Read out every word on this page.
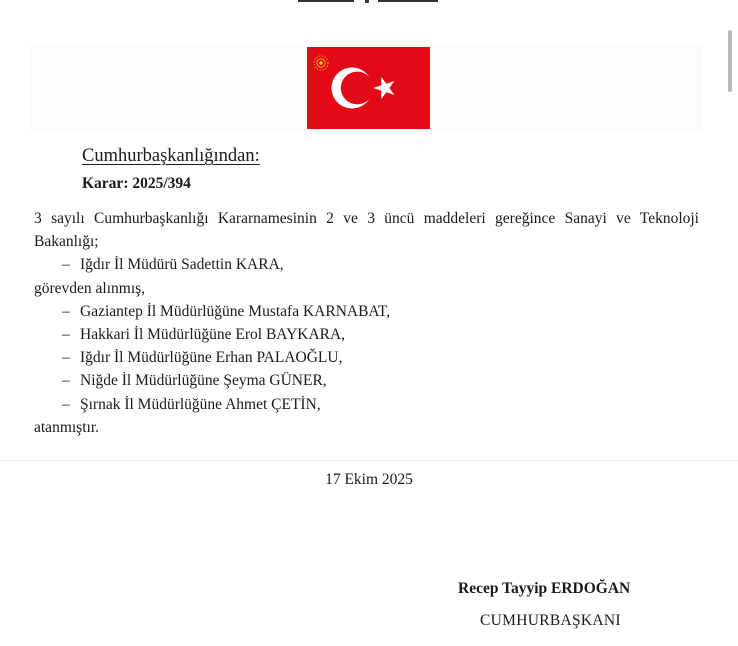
Cumhurbaşkanlığından:
Karar: 2025/394

3 sayılı Cumhurbaşkanlığı Kararnamesinin 2 ve 3 üncü maddeleri gereğince Sanayi ve Teknoloji Bakanlığı;

– Iğdır İl Müdürü Sadettin KARA,

görevden alınmış,

– Gaziantep İl Müdürlüğüne Mustafa KARNABAT,

– Hakkari İl Müdürlüğüne Erol BAYKARA,

– Iğdır İl Müdürlüğüne Erhan PALAOĞLU,

– Niğde İl Müdürlüğüne Şeyma GÜNER,

– Şırnak İl Müdürlüğüne Ahmet ÇETİN,

atanmıştır.

17 Ekim 2025
Recep Tayyip ERDOĞAN
CUMHURBAŞKANI
